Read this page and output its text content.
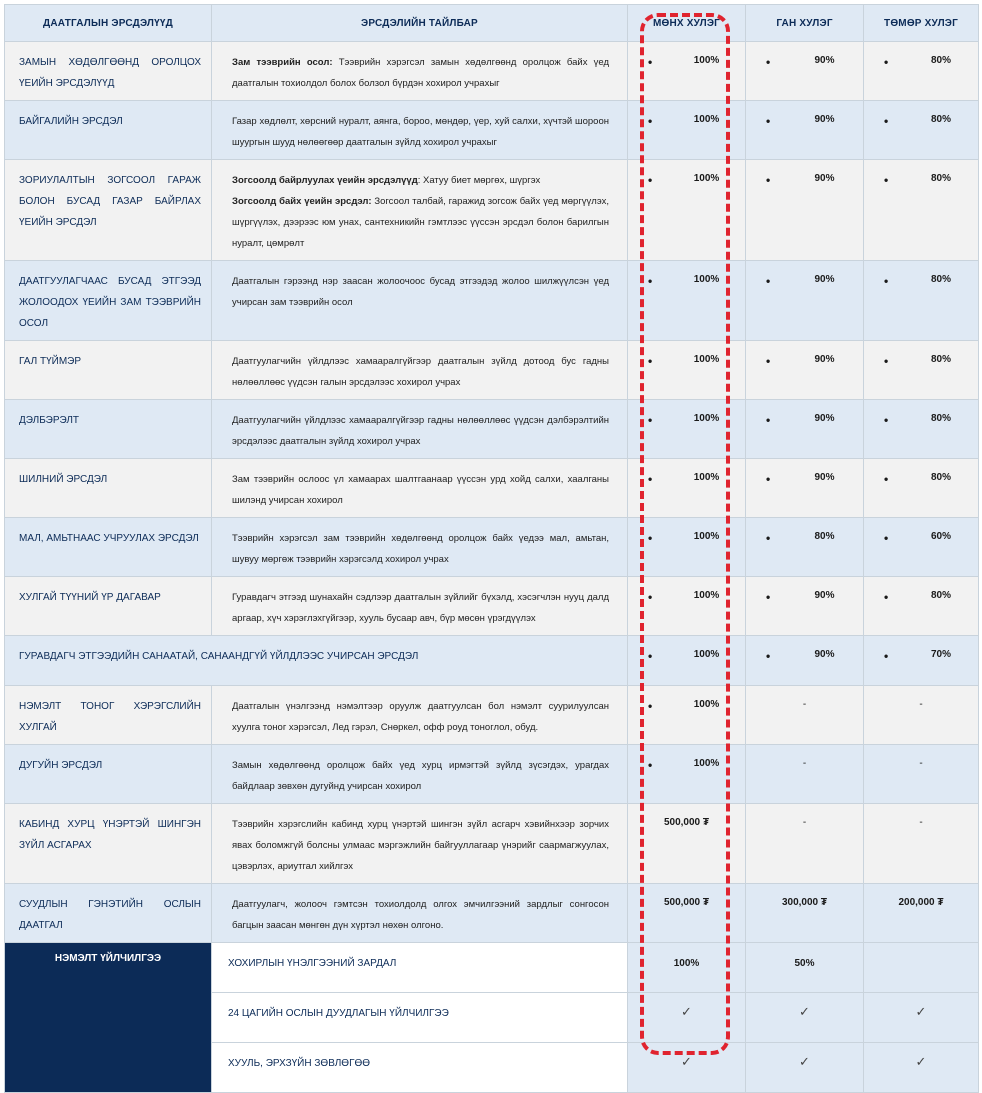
ДААТГАЛЫН ЭРСДЭЛҮҮД	ЭРСДЭЛИЙН ТАЙЛБАР	МӨНХ ХУЛЭГ	ГАН ХУЛЭГ	ТӨМӨР ХУЛЭГ
ЗАМЫН ХӨДӨЛГӨӨНД ОРОЛЦОХ ҮЕИЙН ЭРСДЭЛҮҮД	Зам тээврийн осол: Тээврийн хэрэгсэл замын хөдөлгөөнд оролцож байх үед даатгалын тохиолдол болох болзол бүрдэн хохирол учрахыг	• 100%	• 90%	• 80%

БАЙГАЛИЙН ЭРСДЭЛ	Газар хөдлөлт, хөрсний нуралт, аянга, бороо, мөндөр, үер, хуй салхи, хүчтэй шороон шуургын шууд нөлөөгөөр даатгалын зүйлд хохирол учрахыг	• 100%	• 90%	• 80%

ЗОРИУЛАЛТЫН ЗОГСООЛ ГАРАЖ БОЛОН БУСАД ГАЗАР БАЙРЛАХ ҮЕИЙН ЭРСДЭЛ	Зогсоолд байрлуулах үеийн эрсдэлүүд: Хатуу биет мөргөх, шүргэх
Зогсоолд байх үеийн эрсдэл: Зогсоол талбай, гаражид зогсож байх үед мөргүүлэх, шүргүүлэх, дээрээс юм унах, сантехникийн гэмтлээс үүссэн эрсдэл болон барилгын нуралт, цөмрөлт	• 100%	• 90%	• 80%

ДААТГУУЛАГЧААС БУСАД ЭТГЭЭД ЖОЛООДОХ ҮЕИЙН ЗАМ ТЭЭВРИЙН ОСОЛ	Даатгалын гэрээнд нэр заасан жолоочоос бусад этгээдэд жолоо шилжүүлсэн үед учирсан зам тээврийн осол	• 100%	• 90%	• 80%

ГАЛ ТҮЙМЭР	Даатгуулагчийн үйлдлээс хамааралгүйгээр даатгалын зүйлд дотоод бус гадны нөлөөллөөс үүдсэн галын эрсдэлээс хохирол учрах	• 100%	• 90%	• 80%

ДЭЛБЭРЭЛТ	Даатгуулагчийн үйлдлээс хамааралгүйгээр гадны нөлөөллөөс үүдсэн дэлбэрэлтийн эрсдэлээс даатгалын зүйлд хохирол учрах	• 100%	• 90%	• 80%

ШИЛНИЙ ЭРСДЭЛ	Зам тээврийн ослоос үл хамаарах шалтгаанаар үүссэн урд хойд салхи, хаалганы шилэнд учирсан хохирол	• 100%	• 90%	• 80%

МАЛ, АМЬТНААС УЧРУУЛАХ ЭРСДЭЛ	Тээврийн хэрэгсэл зам тээврийн хөдөлгөөнд оролцож байх үедээ мал, амьтан, шувуу мөргөж тээврийн хэрэгсэлд хохирол учрах	• 100%	• 80%	• 60%

ХУЛГАЙ ТҮҮНИЙ ҮР ДАГАВАР	Гуравдагч этгээд шунахайн сэдлээр даатгалын зүйлийг бүхэлд, хэсэгчлэн нууц далд аргаар, хүч хэрэглэхгүйгээр, хууль бусаар авч, бүр мөсөн үрэгдүүлэх	• 100%	• 90%	• 80%

ГУРАВДАГЧ ЭТГЭЭДИЙН САНААТАЙ, САНААНДГҮЙ ҮЙЛДЛЭЭС УЧИРСАН ЭРСДЭЛ		• 100%	• 90%	• 70%

НЭМЭЛТ ТОНОГ ХЭРЭГСЛИЙН ХУЛГАЙ	Даатгалын үнэлгээнд нэмэлтээр оруулж даатгуулсан бол нэмэлт суурилуулсан хуулга тоног хэрэгсэл, Лед гэрэл, Снөркел, офф роуд тоноглол, обуд.	• 100%	-	-

ДУГУЙН ЭРСДЭЛ	Замын хөдөлгөөнд оролцож байх үед хурц ирмэгтэй зүйлд зүсэгдэх, урагдах байдлаар зөвхөн дугуйнд учирсан хохирол	• 100%	-	-

КАБИНД ХУРЦ ҮНЭРТЭЙ ШИНГЭН ЗҮЙЛ АСГАРАХ	Тээврийн хэрэгслийн кабинд хурц үнэртэй шингэн зүйл асгарч хэвийнхээр зорчих явах боломжгүй болсны улмаас мэргэжлийн байгууллагаар үнэрийг саармагжуулах, цэвэрлэх, ариутгал хийлгэх	500,000 ₮	-	-

СУУДЛЫН ГЭНЭТИЙН ОСЛЫН ДААТГАЛ	Даатгуулагч, жолооч гэмтсэн тохиолдолд олгох эмчилгээний зардлыг сонгосон багцын заасан мөнгөн дүн хүртэл нөхөн олгоно.	500,000 ₮	300,000 ₮	200,000 ₮

НЭМЭЛТ ҮЙЛЧИЛГЭЭ	ХОХИРЛЫН ҮНЭЛГЭЭНИЙ ЗАРДАЛ	100%	50%	
	24 ЦАГИЙН ОСЛЫН ДУУДЛАГЫН ҮЙЛЧИЛГЭЭ	✓	✓	✓
	ХУУЛЬ, ЭРХЗҮЙН ЗӨВЛӨГӨӨ	✓	✓	✓
